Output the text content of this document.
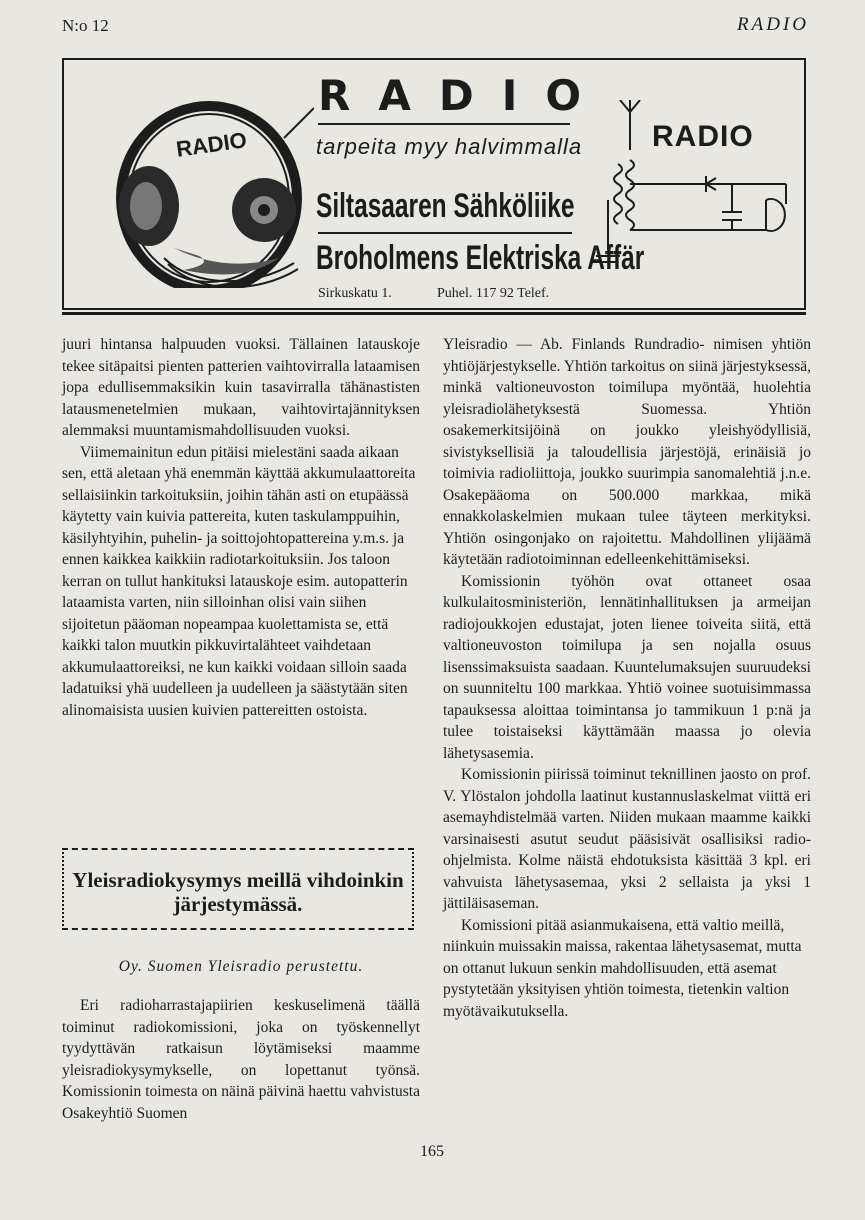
N:o 12	RADIO
RADIO
RADIO
tarpeita myy halvimmalla
Siltasaaren Sähköliike
Broholmens Elektriska Affär
Sirkuskatu 1.	Puhel. 117 92 Telef.
RADIO

juuri hintansa halpuuden vuoksi. Tällainen latauskoje tekee sitäpaitsi pienten patterien vaihtovirralla lataamisen jopa edullisemmaksikin kuin tasavirralla tähänastisten latausmenetelmien mukaan, vaihtovirtajännityksen alemmaksi muuntamismahdollisuuden vuoksi.

Viimemainitun edun pitäisi mielestäni saada aikaan sen, että aletaan yhä enemmän käyttää akkumulaattoreita sellaisiinkin tarkoituksiin, joihin tähän asti on etupäässä käytetty vain kuivia pattereita, kuten taskulamppuihin, käsilyhtyihin, puhelin- ja soittojohtopattereina y.m.s. ja ennen kaikkea kaikkiin radiotarkoituksiin. Jos taloon kerran on tullut hankituksi latauskoje esim. autopatterin lataamista varten, niin silloinhan olisi vain siihen sijoitetun pääoman nopeampaa kuolettamista se, että kaikki talon muutkin pikkuvirtalähteet vaihdetaan akkumulaattoreiksi, ne kun kaikki voidaan silloin saada ladatuiksi yhä uudelleen ja uudelleen ja säästytään siten alinomaisista uusien kuivien pattereitten ostoista.

Yleisradiokysymys meillä vihdoinkin järjestymässä.
Oy. Suomen Yleisradio perustettu.

Eri radioharrastajapiirien keskuselimenä täällä toiminut radiokomissioni, joka on työskennellyt tyydyttävän ratkaisun löytämiseksi maamme yleisradiokysymykselle, on lopettanut työnsä. Komissionin toimesta on näinä päivinä haettu vahvistusta Osakeyhtiö Suomen

Yleisradio — Ab. Finlands Rundradio- nimisen yhtiön yhtiöjärjestykselle. Yhtiön tarkoitus on siinä järjestyksessä, minkä valtioneuvoston toimilupa myöntää, huolehtia yleisradiolähetyksestä Suomessa. Yhtiön osakemerkitsijöinä on joukko yleishyödyllisiä, sivistyksellisiä ja taloudellisia järjestöjä, erinäisiä jo toimivia radioliittoja, joukko suurimpia sanomalehtiä j.n.e. Osakepääoma on 500.000 markkaa, mikä ennakkolaskelmien mukaan tulee täyteen merkityksi. Yhtiön osingonjako on rajoitettu. Mahdollinen ylijäämä käytetään radiotoiminnan edelleenkehittämiseksi.

Komissionin työhön ovat ottaneet osaa kulkulaitosministeriön, lennätinhallituksen ja armeijan radiojoukkojen edustajat, joten lienee toiveita siitä, että valtioneuvoston toimilupa ja sen nojalla osuus lisenssimaksuista saadaan. Kuuntelumaksujen suuruudeksi on suunniteltu 100 markkaa. Yhtiö voinee suotuisimmassa tapauksessa aloittaa toimintansa jo tammikuun 1 p:nä ja tulee toistaiseksi käyttämään maassa jo olevia lähetysasemia.

Komissionin piirissä toiminut teknillinen jaosto on prof. V. Ylöstalon johdolla laatinut kustannuslaskelmat viittä eri asemayhdistelmää varten. Niiden mukaan maamme kaikki varsinaisesti asutut seudut pääsisivät osallisiksi radio-ohjelmista. Kolme näistä ehdotuksista käsittää 3 kpl. eri vahvuista lähetysasemaa, yksi 2 sellaista ja yksi 1 jättiläisaseman.

Komissioni pitää asianmukaisena, että valtio meillä, niinkuin muissakin maissa, rakentaa lähetysasemat, mutta on ottanut lukuun senkin mahdollisuuden, että asemat pystytetään yksityisen yhtiön toimesta, tietenkin valtion myötävaikutuksella.

165
